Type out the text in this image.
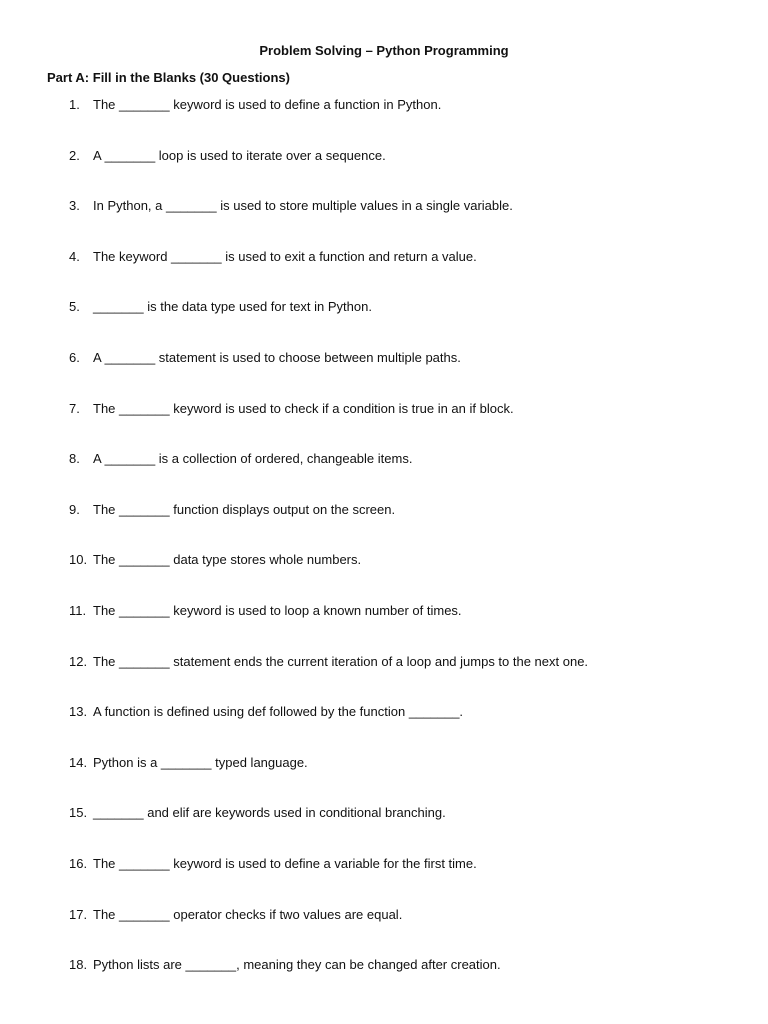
Problem Solving – Python Programming
Part A: Fill in the Blanks (30 Questions)
1. The _______ keyword is used to define a function in Python.
2. A _______ loop is used to iterate over a sequence.
3. In Python, a _______ is used to store multiple values in a single variable.
4. The keyword _______ is used to exit a function and return a value.
5. _______ is the data type used for text in Python.
6. A _______ statement is used to choose between multiple paths.
7. The _______ keyword is used to check if a condition is true in an if block.
8. A _______ is a collection of ordered, changeable items.
9. The _______ function displays output on the screen.
10. The _______ data type stores whole numbers.
11. The _______ keyword is used to loop a known number of times.
12. The _______ statement ends the current iteration of a loop and jumps to the next one.
13. A function is defined using def followed by the function _______.
14. Python is a _______ typed language.
15. _______ and elif are keywords used in conditional branching.
16. The _______ keyword is used to define a variable for the first time.
17. The _______ operator checks if two values are equal.
18. Python lists are _______, meaning they can be changed after creation.
